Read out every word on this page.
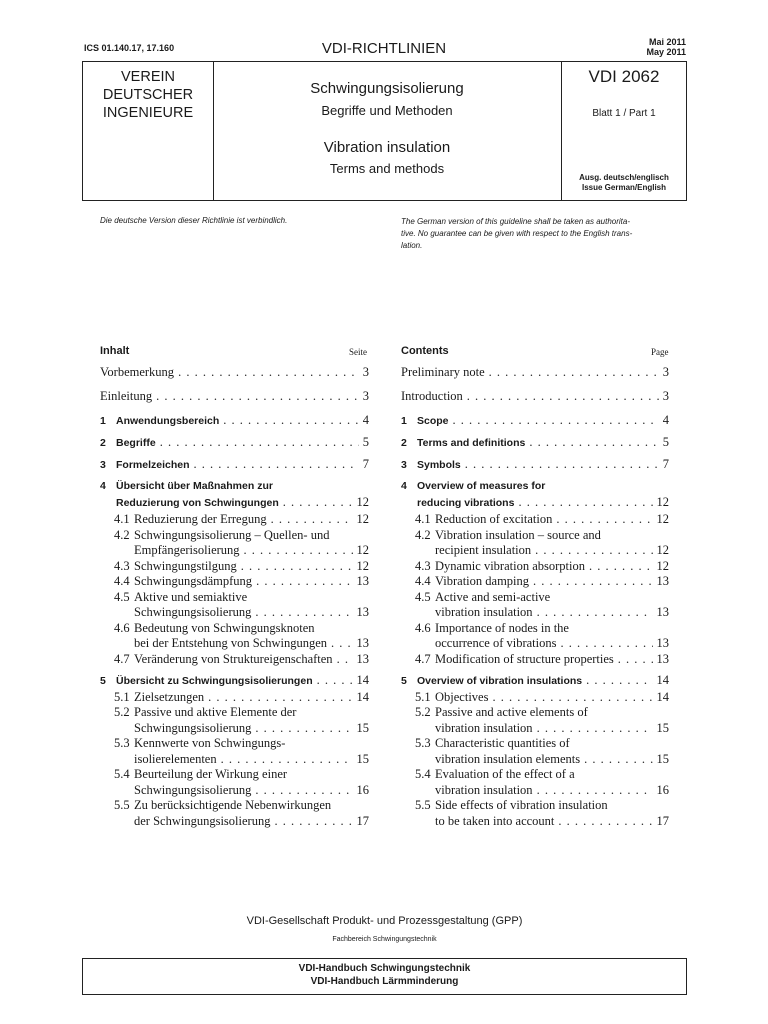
ICS 01.140.17, 17.160	VDI-RICHTLINIEN	Mai 2011
May 2011
VEREIN
DEUTSCHER
INGENIEURE
Schwingungsisolierung
Begriffe und Methoden
Vibration insulation
Terms and methods
VDI 2062
Blatt 1 / Part 1
Ausg. deutsch/englisch
Issue German/English
Die deutsche Version dieser Richtlinie ist verbindlich.	The German version of this guideline shall be taken as authorita-
tive. No guarantee can be given with respect to the English trans-
lation.
Inhalt	Seite	Contents	Page
Vorbemerkung . . .	3
Einleitung . . .	3
1 Anwendungsbereich . . .	4
2 Begriffe . . .	5
3 Formelzeichen . . .	7
4 Übersicht über Maßnahmen zur
Reduzierung von Schwingungen . . .	12
4.1 Reduzierung der Erregung . . .	12
4.2 Schwingungsisolierung – Quellen- und
Empfängerisolierung . . .	12
4.3 Schwingungstilgung . . .	12
4.4 Schwingungsdämpfung . . .	13
4.5 Aktive und semiaktive
Schwingungsisolierung . . .	13
4.6 Bedeutung von Schwingungsknoten
bei der Entstehung von Schwingungen . . .	13
4.7 Veränderung von Struktureigenschaften . . .	13
5 Übersicht zu Schwingungsisolierungen . . .	14
5.1 Zielsetzungen . . .	14
5.2 Passive und aktive Elemente der
Schwingungsisolierung . . .	15
5.3 Kennwerte von Schwingungs-
isolierelementen . . .	15
5.4 Beurteilung der Wirkung einer
Schwingungsisolierung . . .	16
5.5 Zu berücksichtigende Nebenwirkungen
der Schwingungsisolierung . . .	17
Preliminary note . . .	3
Introduction . . .	3
1 Scope . . .	4
2 Terms and definitions . . .	5
3 Symbols . . .	7
4 Overview of measures for
reducing vibrations . . .	12
4.1 Reduction of excitation . . .	12
4.2 Vibration insulation – source and
recipient insulation . . .	12
4.3 Dynamic vibration absorption . . .	12
4.4 Vibration damping . . .	13
4.5 Active and semi-active
vibration insulation . . .	13
4.6 Importance of nodes in the
occurrence of vibrations . . .	13
4.7 Modification of structure properties . . .	13
5 Overview of vibration insulations . . .	14
5.1 Objectives . . .	14
5.2 Passive and active elements of
vibration insulation . . .	15
5.3 Characteristic quantities of
vibration insulation elements . . .	15
5.4 Evaluation of the effect of a
vibration insulation . . .	16
5.5 Side effects of vibration insulation
to be taken into account . . .	17
VDI-Gesellschaft Produkt- und Prozessgestaltung (GPP)
Fachbereich Schwingungstechnik
VDI-Handbuch Schwingungstechnik
VDI-Handbuch Lärmminderung
